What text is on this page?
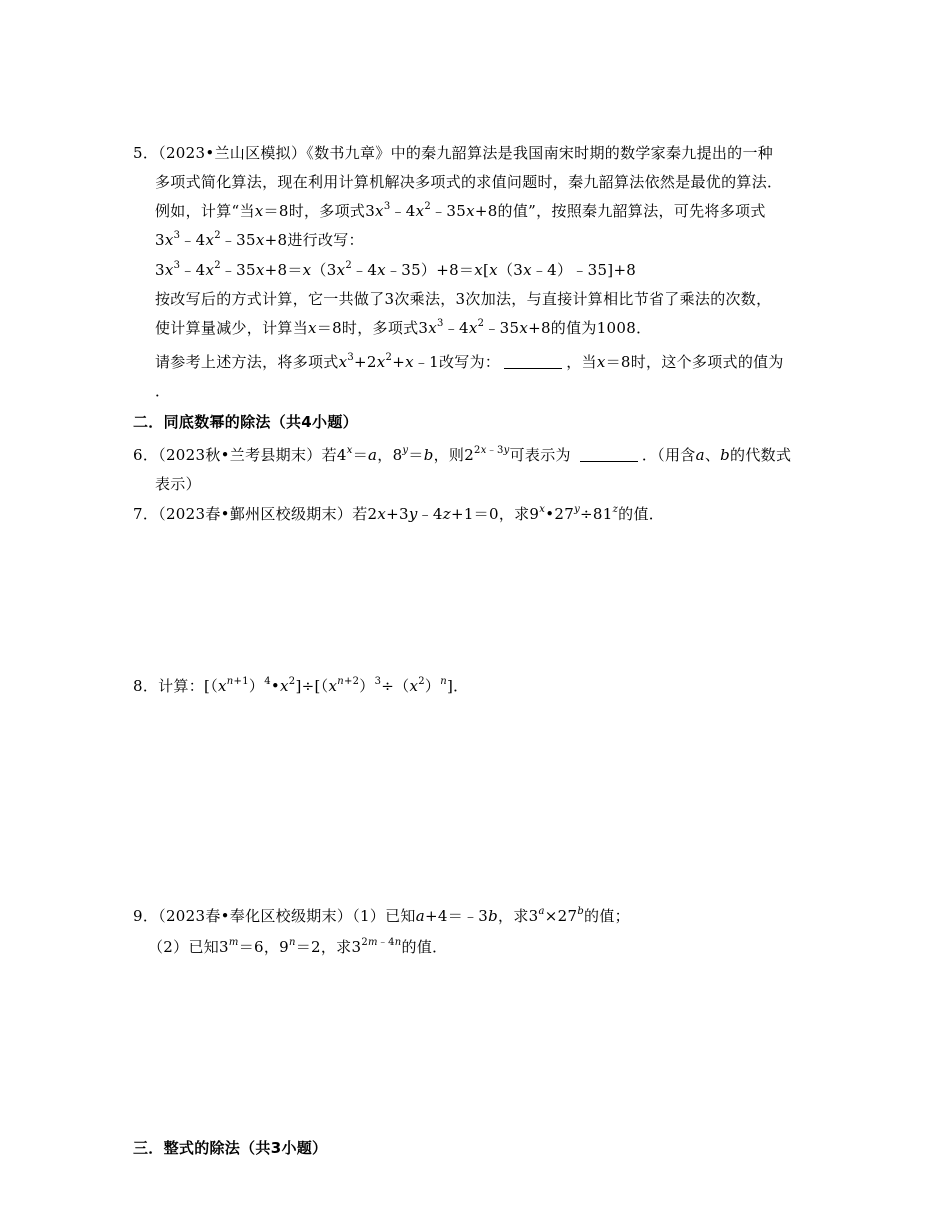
5．（2023•兰山区模拟）《数书九章》中的秦九韶算法是我国南宋时期的数学家秦九提出的一种
多项式简化算法，现在利用计算机解决多项式的求值问题时，秦九韶算法依然是最优的算法．
例如，计算“当x＝8时，多项式$3x^3﹣4x^2﹣35x+8$的值”，按照秦九韶算法，可先将多项式
$3x^3﹣4x^2﹣35x+8$进行改写：
$3x^3﹣4x^2﹣35x+8=x(3x^2﹣4x﹣35)+8=x[x(3x﹣4)﹣35]+8$
按改写后的方式计算，它一共做了3次乘法，3次加法，与直接计算相比节省了乘法的次数，
使计算量减少，计算当x＝8时，多项式$3x^3﹣4x^2﹣35x+8$的值为1008．
请参考上述方法，将多项式$x^3+2x^2+x﹣1$改写为：	，当x＝8时，这个多项式的值为
．
二．同底数幂的除法（共4小题）
6．（2023秋•兰考县期末）若$4^x=a$，$8^y=b$，则$2^{2x﹣3y}$可表示为	．（用含a、b的代数式
表示）
7．（2023春•鄞州区校级期末）若2x+3y﹣4z+1＝0，求$9^x•27^y\div 81^z$的值．
8．计算：$[(x^{n+1})^4•x^2]\div[(x^{n+2})^3\div(x^2)^n]$．
9．（2023春•奉化区校级期末）（1）已知a+4＝﹣3b，求$3^a\times 27^b$的值；
（2）已知$3^m=6$，$9^n=2$，求$3^{2m﹣4n}$的值．
三．整式的除法（共3小题）
